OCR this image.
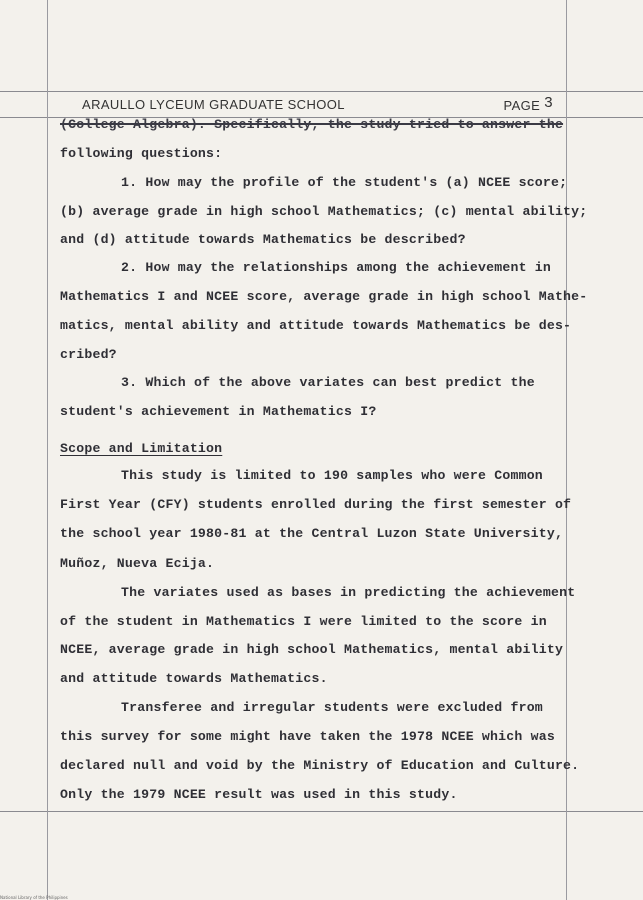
ARAULLO LYCEUM GRADUATE SCHOOL	PAGE 3
(College Algebra). Specifically, the study tried to answer the
following questions:
1. How may the profile of the student's (a) NCEE score;
(b) average grade in high school Mathematics; (c) mental ability;
and (d) attitude towards Mathematics be described?
2. How may the relationships among the achievement in
Mathematics I and NCEE score, average grade in high school Mathe-
matics, mental ability and attitude towards Mathematics be des-
cribed?
3. Which of the above variates can best predict the
student's achievement in Mathematics I?
Scope and Limitation
This study is limited to 190 samples who were Common
First Year (CFY) students enrolled during the first semester of
the school year 1980-81 at the Central Luzon State University,
Muñoz, Nueva Ecija.
The variates used as bases in predicting the achievement
of the student in Mathematics I were limited to the score in
NCEE, average grade in high school Mathematics, mental ability
and attitude towards Mathematics.
Transferee and irregular students were excluded from
this survey for some might have taken the 1978 NCEE which was
declared null and void by the Ministry of Education and Culture.
Only the 1979 NCEE result was used in this study.
National Library of the Philippines
